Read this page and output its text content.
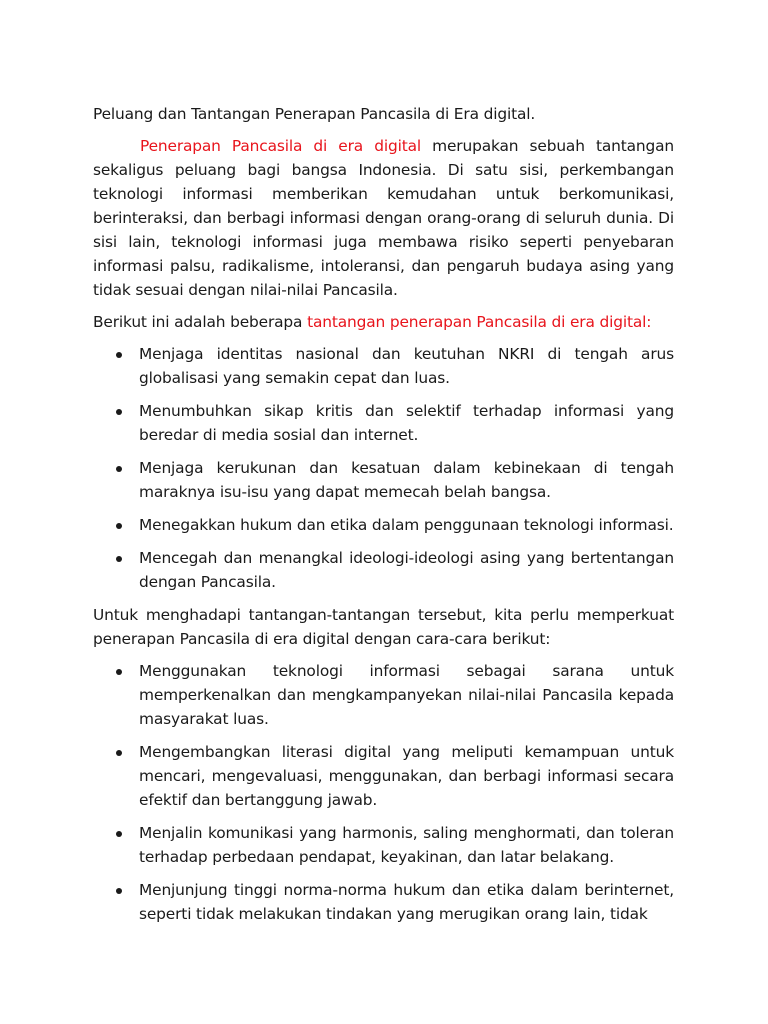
Peluang dan Tantangan Penerapan Pancasila di Era digital.

Penerapan Pancasila di era digital merupakan sebuah tantangan sekaligus peluang bagi bangsa Indonesia. Di satu sisi, perkembangan teknologi informasi memberikan kemudahan untuk berkomunikasi, berinteraksi, dan berbagi informasi dengan orang-orang di seluruh dunia. Di sisi lain, teknologi informasi juga membawa risiko seperti penyebaran informasi palsu, radikalisme, intoleransi, dan pengaruh budaya asing yang tidak sesuai dengan nilai-nilai Pancasila.

Berikut ini adalah beberapa tantangan penerapan Pancasila di era digital:

Menjaga identitas nasional dan keutuhan NKRI di tengah arus globalisasi yang semakin cepat dan luas.
Menumbuhkan sikap kritis dan selektif terhadap informasi yang beredar di media sosial dan internet.
Menjaga kerukunan dan kesatuan dalam kebinekaan di tengah maraknya isu-isu yang dapat memecah belah bangsa.
Menegakkan hukum dan etika dalam penggunaan teknologi informasi.
Mencegah dan menangkal ideologi-ideologi asing yang bertentangan dengan Pancasila.

Untuk menghadapi tantangan-tantangan tersebut, kita perlu memperkuat penerapan Pancasila di era digital dengan cara-cara berikut:

Menggunakan teknologi informasi sebagai sarana untuk memperkenalkan dan mengkampanyekan nilai-nilai Pancasila kepada masyarakat luas.
Mengembangkan literasi digital yang meliputi kemampuan untuk mencari, mengevaluasi, menggunakan, dan berbagi informasi secara efektif dan bertanggung jawab.
Menjalin komunikasi yang harmonis, saling menghormati, dan toleran terhadap perbedaan pendapat, keyakinan, dan latar belakang.
Menjunjung tinggi norma-norma hukum dan etika dalam berinternet, seperti tidak melakukan tindakan yang merugikan orang lain, tidak
